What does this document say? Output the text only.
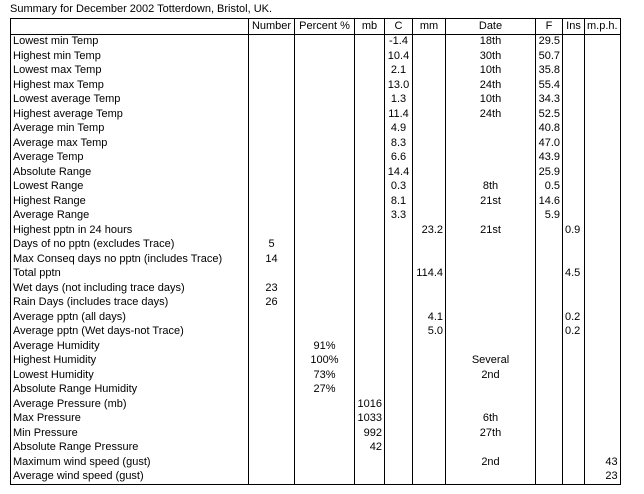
Summary for December 2002 Totterdown, Bristol, UK.
	Number	Percent %	mb	C	mm	Date	F	Ins	m.p.h.
Lowest min Temp				-1.4		18th	29.5		
Highest min Temp				10.4		30th	50.7		
Lowest max Temp				2.1		10th	35.8		
Highest max Temp				13.0		24th	55.4		
Lowest average Temp				1.3		10th	34.3		
Highest average Temp				11.4		24th	52.5		
Average min Temp				4.9			40.8		
Average max Temp				8.3			47.0		
Average Temp				6.6			43.9		
Absolute Range				14.4			25.9		
Lowest Range				0.3		8th	0.5		
Highest Range				8.1		21st	14.6		
Average Range				3.3			5.9		
Highest pptn in 24 hours					23.2	21st		0.9	
Days of no pptn (excludes Trace)	5								
Max Conseq days no pptn (includes Trace)	14								
Total pptn					114.4			4.5	
Wet days (not including trace days)	23								
Rain Days (includes trace days)	26								
Average pptn (all days)					4.1			0.2	
Average pptn (Wet days-not Trace)					5.0			0.2	
Average Humidity		91%							
Highest Humidity		100%				Several			
Lowest Humidity		73%				2nd			
Absolute Range Humidity		27%							
Average Pressure (mb)			1016						
Max Pressure			1033			6th			
Min Pressure			992			27th			
Absolute Range Pressure			42						
Maximum wind speed (gust)						2nd			43
Average wind speed (gust)									23
